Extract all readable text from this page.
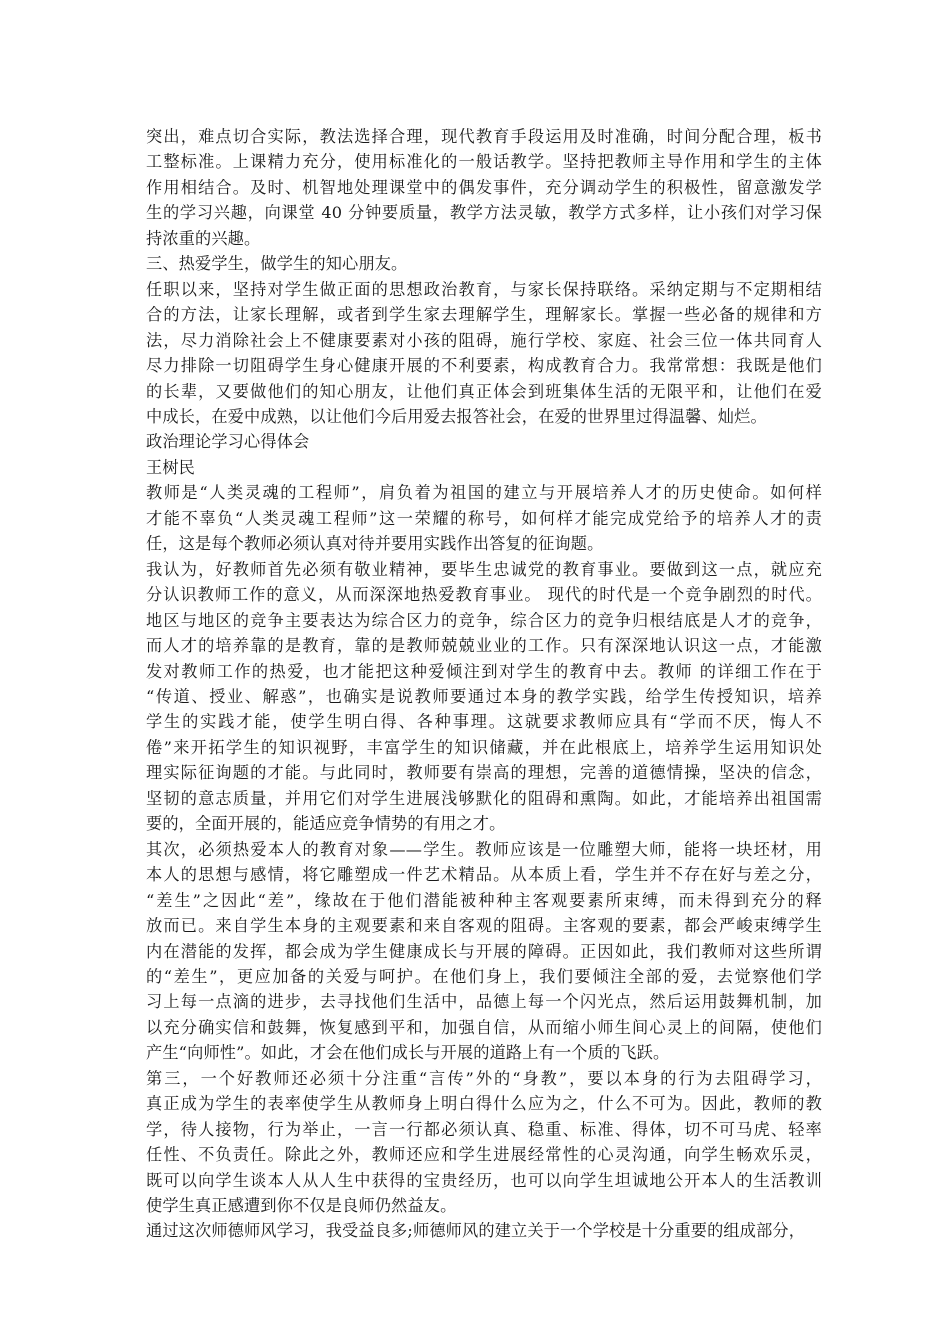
突出，难点切合实际，教法选择合理，现代教育手段运用及时准确，时间分配合理，板书
工整标准。上课精力充分，使用标准化的一般话教学。坚持把教师主导作用和学生的主体
作用相结合。及时、机智地处理课堂中的偶发事件，充分调动学生的积极性，留意激发学
生的学习兴趣，向课堂 40 分钟要质量，教学方法灵敏，教学方式多样，让小孩们对学习保
持浓重的兴趣。
三、热爱学生，做学生的知心朋友。
任职以来，坚持对学生做正面的思想政治教育，与家长保持联络。采纳定期与不定期相结
合的方法，让家长理解，或者到学生家去理解学生，理解家长。掌握一些必备的规律和方
法，尽力消除社会上不健康要素对小孩的阻碍，施行学校、家庭、社会三位一体共同育人
尽力排除一切阻碍学生身心健康开展的不利要素，构成教育合力。我常常想：我既是他们
的长辈，又要做他们的知心朋友，让他们真正体会到班集体生活的无限平和，让他们在爱
中成长，在爱中成熟，以让他们今后用爱去报答社会，在爱的世界里过得温馨、灿烂。
政治理论学习心得体会
王树民
教师是“人类灵魂的工程师”，肩负着为祖国的建立与开展培养人才的历史使命。如何样
才能不辜负“人类灵魂工程师”这一荣耀的称号，如何样才能完成党给予的培养人才的责
任，这是每个教师必须认真对待并要用实践作出答复的征询题。
我认为，好教师首先必须有敬业精神，要毕生忠诚党的教育事业。要做到这一点，就应充
分认识教师工作的意义，从而深深地热爱教育事业。 现代的时代是一个竞争剧烈的时代。
地区与地区的竞争主要表达为综合区力的竞争，综合区力的竞争归根结底是人才的竞争，
而人才的培养靠的是教育，靠的是教师兢兢业业的工作。只有深深地认识这一点，才能激
发对教师工作的热爱，也才能把这种爱倾注到对学生的教育中去。教师 的详细工作在于
“传道、授业、解惑”，也确实是说教师要通过本身的教学实践，给学生传授知识，培养
学生的实践才能，使学生明白得、各种事理。这就要求教师应具有“学而不厌，悔人不
倦”来开拓学生的知识视野，丰富学生的知识储藏，并在此根底上，培养学生运用知识处
理实际征询题的才能。与此同时，教师要有崇高的理想，完善的道德情操，坚决的信念，
坚韧的意志质量，并用它们对学生进展浅够默化的阻碍和熏陶。如此，才能培养出祖国需
要的，全面开展的，能适应竞争情势的有用之才。
其次，必须热爱本人的教育对象——学生。教师应该是一位雕塑大师，能将一块坯材，用
本人的思想与感情，将它雕塑成一件艺术精品。从本质上看，学生并不存在好与差之分，
“差生”之因此“差”，缘故在于他们潜能被种种主客观要素所束缚，而未得到充分的释
放而已。来自学生本身的主观要素和来自客观的阻碍。主客观的要素，都会严峻束缚学生
内在潜能的发挥，都会成为学生健康成长与开展的障碍。正因如此，我们教师对这些所谓
的“差生”，更应加备的关爱与呵护。在他们身上，我们要倾注全部的爱，去觉察他们学
习上每一点滴的进步，去寻找他们生活中，品德上每一个闪光点，然后运用鼓舞机制，加
以充分确实信和鼓舞，恢复感到平和，加强自信，从而缩小师生间心灵上的间隔，使他们
产生“向师性”。如此，才会在他们成长与开展的道路上有一个质的飞跃。
第三，一个好教师还必须十分注重“言传”外的“身教”，要以本身的行为去阻碍学习，
真正成为学生的表率使学生从教师身上明白得什么应为之，什么不可为。因此，教师的教
学，待人接物，行为举止，一言一行都必须认真、稳重、标准、得体，切不可马虎、轻率
任性、不负责任。除此之外，教师还应和学生进展经常性的心灵沟通，向学生畅欢乐灵，
既可以向学生谈本人从人生中获得的宝贵经历，也可以向学生坦诚地公开本人的生活教训
使学生真正感遭到你不仅是良师仍然益友。
通过这次师德师风学习，我受益良多;师德师风的建立关于一个学校是十分重要的组成部分，
